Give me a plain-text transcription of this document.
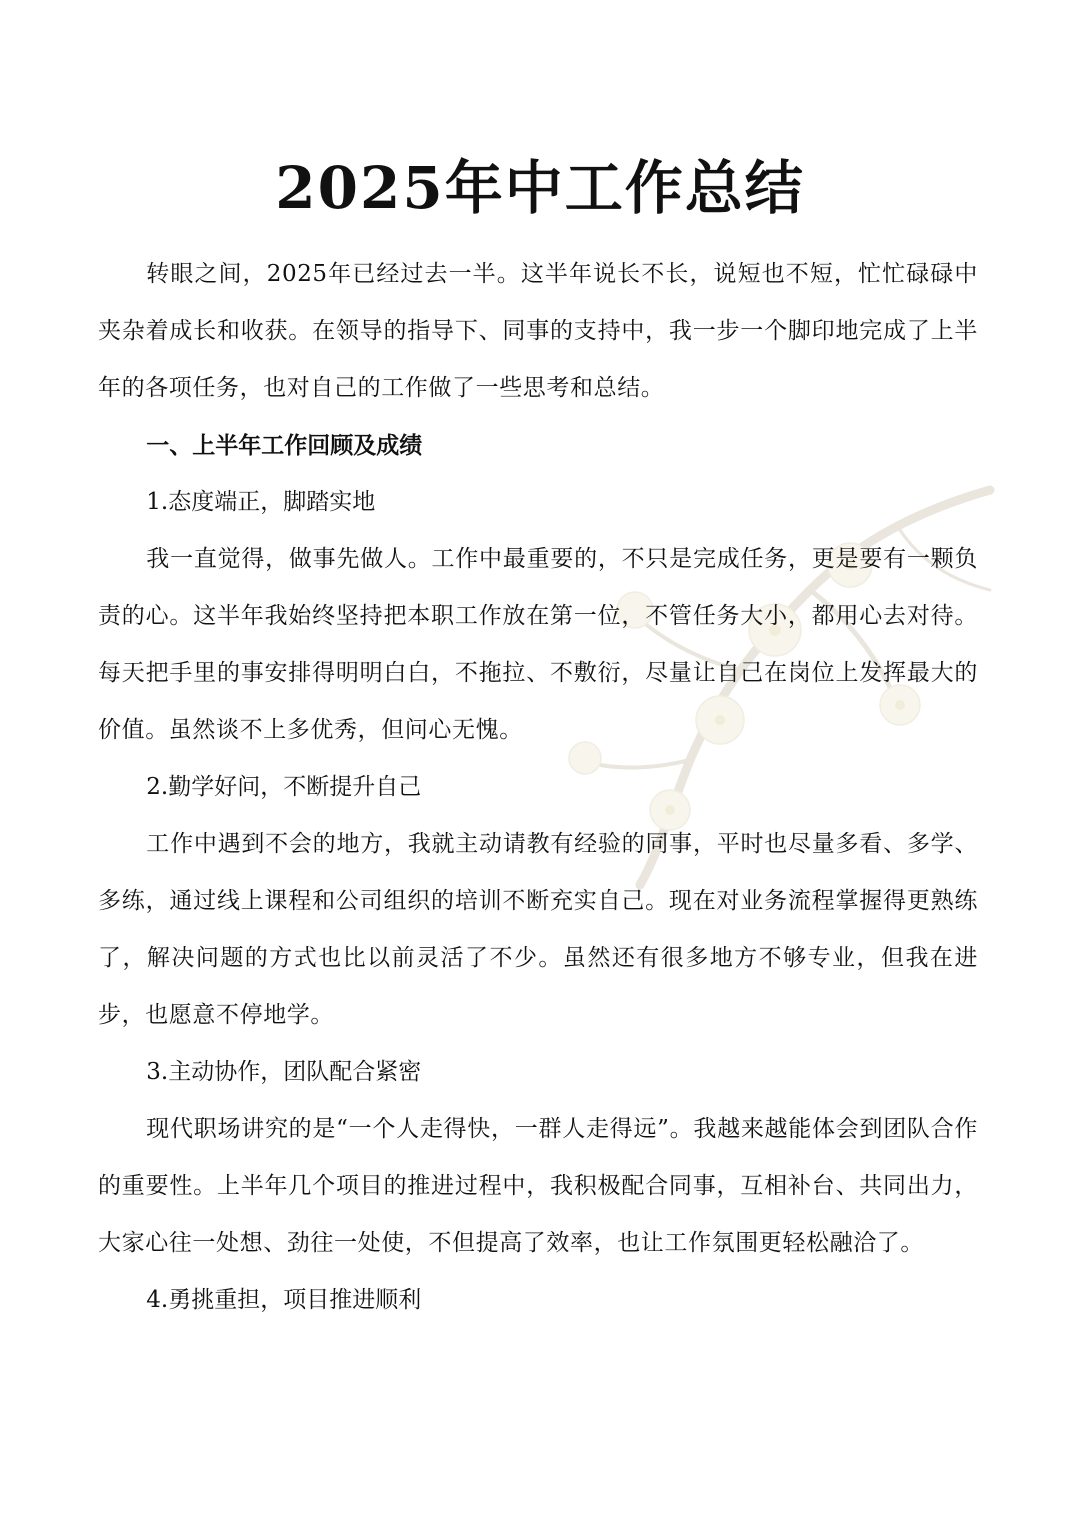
2025年中工作总结

转眼之间，2025年已经过去一半。这半年说长不长，说短也不短，忙忙碌碌中夹杂着成长和收获。在领导的指导下、同事的支持中，我一步一个脚印地完成了上半年的各项任务，也对自己的工作做了一些思考和总结。

一、上半年工作回顾及成绩

1.态度端正，脚踏实地

我一直觉得，做事先做人。工作中最重要的，不只是完成任务，更是要有一颗负责的心。这半年我始终坚持把本职工作放在第一位，不管任务大小，都用心去对待。每天把手里的事安排得明明白白，不拖拉、不敷衍，尽量让自己在岗位上发挥最大的价值。虽然谈不上多优秀，但问心无愧。

2.勤学好问，不断提升自己

工作中遇到不会的地方，我就主动请教有经验的同事，平时也尽量多看、多学、多练，通过线上课程和公司组织的培训不断充实自己。现在对业务流程掌握得更熟练了，解决问题的方式也比以前灵活了不少。虽然还有很多地方不够专业，但我在进步，也愿意不停地学。

3.主动协作，团队配合紧密

现代职场讲究的是“一个人走得快，一群人走得远”。我越来越能体会到团队合作的重要性。上半年几个项目的推进过程中，我积极配合同事，互相补台、共同出力，大家心往一处想、劲往一处使，不但提高了效率，也让工作氛围更轻松融洽了。

4.勇挑重担，项目推进顺利
